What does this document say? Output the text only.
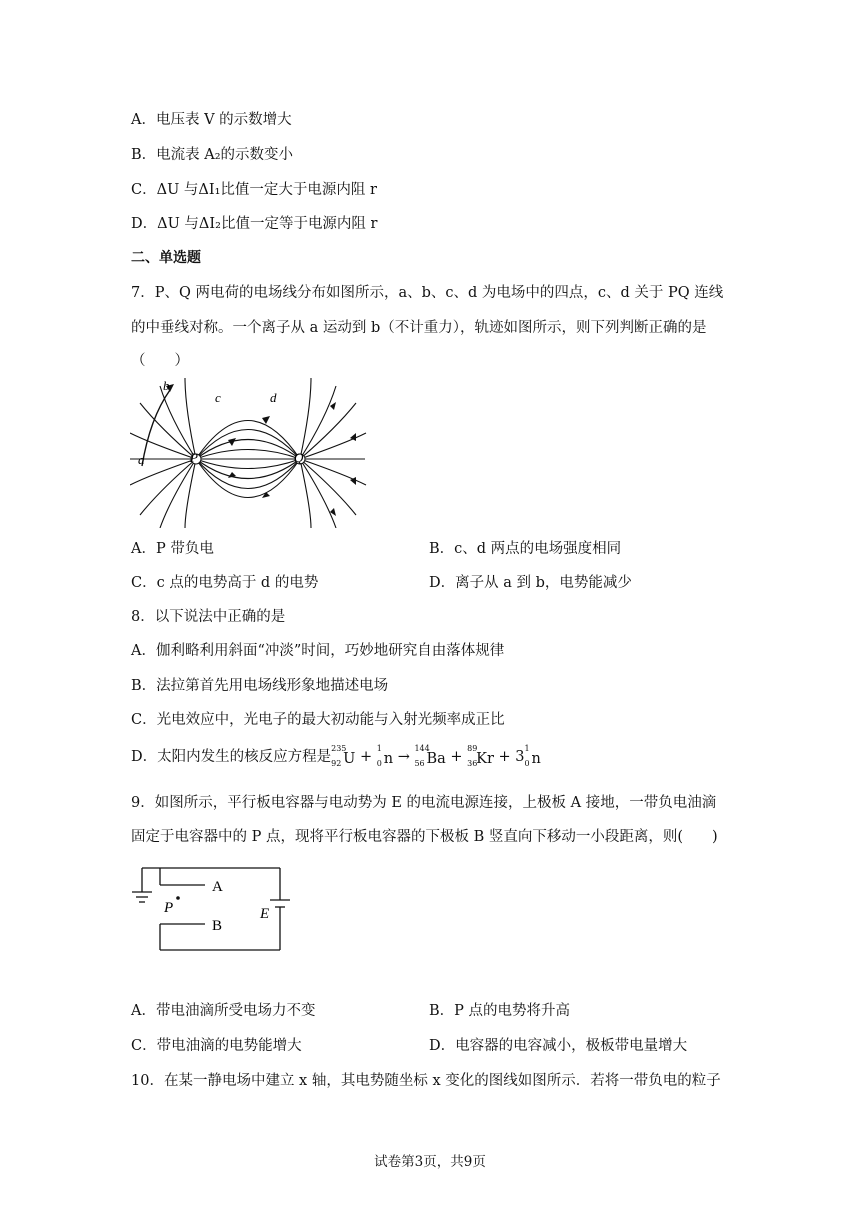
A．电压表 V 的示数增大
B．电流表 A₂的示数变小
C．ΔU 与ΔI₁比值一定大于电源内阻 r
D．ΔU 与ΔI₂比值一定等于电源内阻 r
二、单选题
7．P、Q 两电荷的电场线分布如图所示，a、b、c、d 为电场中的四点，c、d 关于 PQ 连线
的中垂线对称。一个离子从 a 运动到 b（不计重力），轨迹如图所示，则下列判断正确的是
（　　）
P	Q
a
b
c	d
A．P 带负电	B．c、d 两点的电场强度相同
C．c 点的电势高于 d 的电势	D．离子从 a 到 b，电势能减少
8．以下说法中正确的是
A．伽利略利用斜面“冲淡”时间，巧妙地研究自由落体规律
B．法拉第首先用电场线形象地描述电场
C．光电效应中，光电子的最大初动能与入射光频率成正比
D．太阳内发生的核反应方程是
235
92 U +
1
0 n →
144
56 Ba +
89
36
Kr + 3
1
0 n
9．如图所示，平行板电容器与电动势为 E 的电流电源连接，上极板 A 接地，一带负电油滴
固定于电容器中的 P 点，现将平行板电容器的下极板 B 竖直向下移动一小段距离，则(　　)
A
B
P	E
A．带电油滴所受电场力不变	B．P 点的电势将升高
C．带电油滴的电势能增大	D．电容器的电容减小，极板带电量增大
10．在某一静电场中建立 x 轴，其电势随坐标 x 变化的图线如图所示．若将一带负电的粒子
试卷第3页，共9页
